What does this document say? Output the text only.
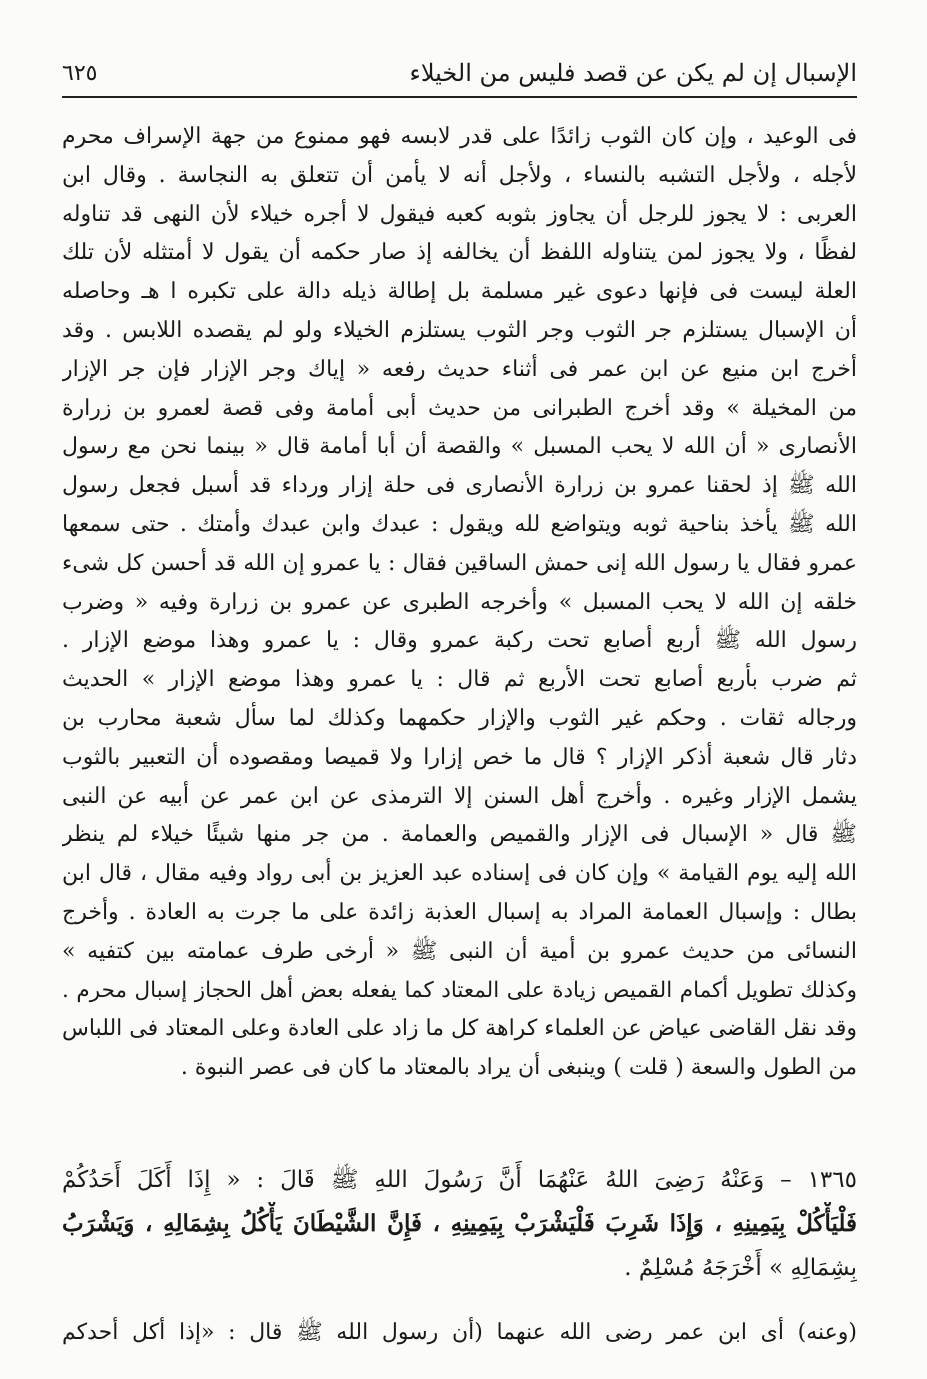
الإسبال إن لم يكن عن قصد فليس من الخيلاء
٦٢٥
فى الوعيد ، وإن كان الثوب زائدًا على قدر لابسه فهو ممنوع من جهة الإسراف محرم
لأجله ، ولأجل التشبه بالنساء ، ولأجل أنه لا يأمن أن تتعلق به النجاسة . وقال ابن
العربى : لا يجوز للرجل أن يجاوز بثوبه كعبه فيقول لا أجره خيلاء لأن النهى قد تناوله
لفظًا ، ولا يجوز لمن يتناوله اللفظ أن يخالفه إذ صار حكمه أن يقول لا أمتثله لأن تلك
العلة ليست فى فإنها دعوى غير مسلمة بل إطالة ذيله دالة على تكبره ا هـ وحاصله
أن الإسبال يستلزم جر الثوب وجر الثوب يستلزم الخيلاء ولو لم يقصده اللابس . وقد
أخرج ابن منيع عن ابن عمر فى أثناء حديث رفعه « إياك وجر الإزار فإن جر الإزار
من المخيلة » وقد أخرج الطبرانى من حديث أبى أمامة وفى قصة لعمرو بن زرارة
الأنصارى « أن الله لا يحب المسبل » والقصة أن أبا أمامة قال « بينما نحن مع رسول
الله ﷺ إذ لحقنا عمرو بن زرارة الأنصارى فى حلة إزار ورداء قد أسبل فجعل رسول
الله ﷺ يأخذ بناحية ثوبه ويتواضع لله ويقول : عبدك وابن عبدك وأمتك . حتى سمعها
عمرو فقال يا رسول الله إنى حمش الساقين فقال : يا عمرو إن الله قد أحسن كل شىء
خلقه إن الله لا يحب المسبل » وأخرجه الطبرى عن عمرو بن زرارة وفيه « وضرب
رسول الله ﷺ أربع أصابع تحت ركبة عمرو وقال : يا عمرو وهذا موضع الإزار .
ثم ضرب بأربع أصابع تحت الأربع ثم قال : يا عمرو وهذا موضع الإزار » الحديث
ورجاله ثقات . وحكم غير الثوب والإزار حكمهما وكذلك لما سأل شعبة محارب بن
دثار قال شعبة أذكر الإزار ؟ قال ما خص إزارا ولا قميصا ومقصوده أن التعبير بالثوب
يشمل الإزار وغيره . وأخرج أهل السنن إلا الترمذى عن ابن عمر عن أبيه عن النبى
ﷺ قال « الإسبال فى الإزار والقميص والعمامة . من جر منها شيئًا خيلاء لم ينظر
الله إليه يوم القيامة » وإن كان فى إسناده عبد العزيز بن أبى رواد وفيه مقال ، قال ابن
بطال : وإسبال العمامة المراد به إسبال العذبة زائدة على ما جرت به العادة . وأخرج
النسائى من حديث عمرو بن أمية أن النبى ﷺ « أرخى طرف عمامته بين كتفيه »
وكذلك تطويل أكمام القميص زيادة على المعتاد كما يفعله بعض أهل الحجاز إسبال محرم .
وقد نقل القاضى عياض عن العلماء كراهة كل ما زاد على العادة وعلى المعتاد فى اللباس
من الطول والسعة ( قلت ) وينبغى أن يراد بالمعتاد ما كان فى عصر النبوة .
١٣٦٥ – وَعَنْهُ رَضِىَ اللهُ عَنْهُمَا أَنَّ رَسُولَ اللهِ ﷺ قَالَ : « إِذَا أَكَلَ أَحَدُكُمْ
فَلْيَأْكُلْ بِيَمِينِهِ ، وَإِذَا شَرِبَ فَلْيَشْرَبْ بِيَمِينِهِ ، فَإِنَّ الشَّيْطَانَ يَأْكُلُ بِشِمَالِهِ ، وَيَشْرَبُ
بِشِمَالِهِ » أَخْرَجَهُ مُسْلِمٌ .
(وعنه) أى ابن عمر رضى الله عنهما (أن رسول الله ﷺ قال : «إذا أكل أحدكم
